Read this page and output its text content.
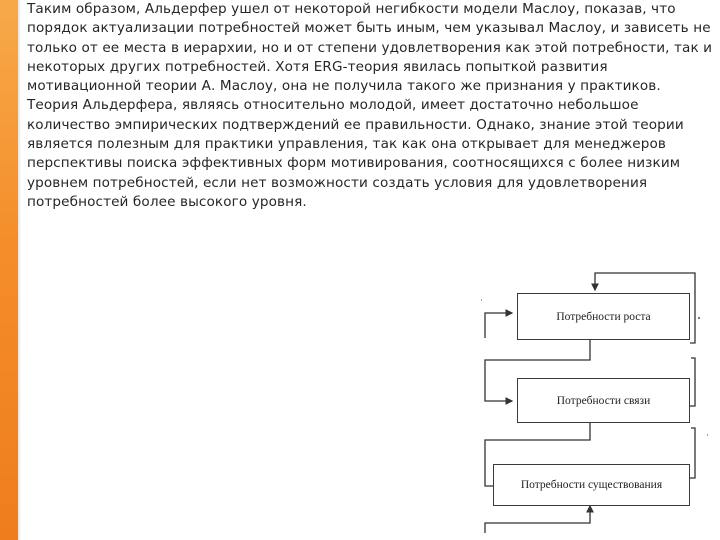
Таким образом, Альдерфер ушел от некоторой негибкости модели Маслоу, показав, что порядок актуализации потребностей может быть иным, чем указывал Маслоу, и зависеть не только от ее места в иерархии, но и от степени удовлетворения как этой потребности, так и некоторых других потребностей. Хотя ERG-теория явилась попыткой развития мотивационной теории А. Маслоу, она не получила такого же признания у практиков.

Теория Альдерфера, являясь относительно молодой, имеет достаточно небольшое количество эмпирических подтверждений ее правильности. Однако, знание этой теории является полезным для практики управления, так как она открывает для менеджеров перспективы поиска эффективных форм мотивирования, соотносящихся с более низким уровнем потребностей, если нет возможности создать условия для удовлетворения потребностей более высокого уровня.

·
·
Потребности роста
Потребности связи
Потребности существования
